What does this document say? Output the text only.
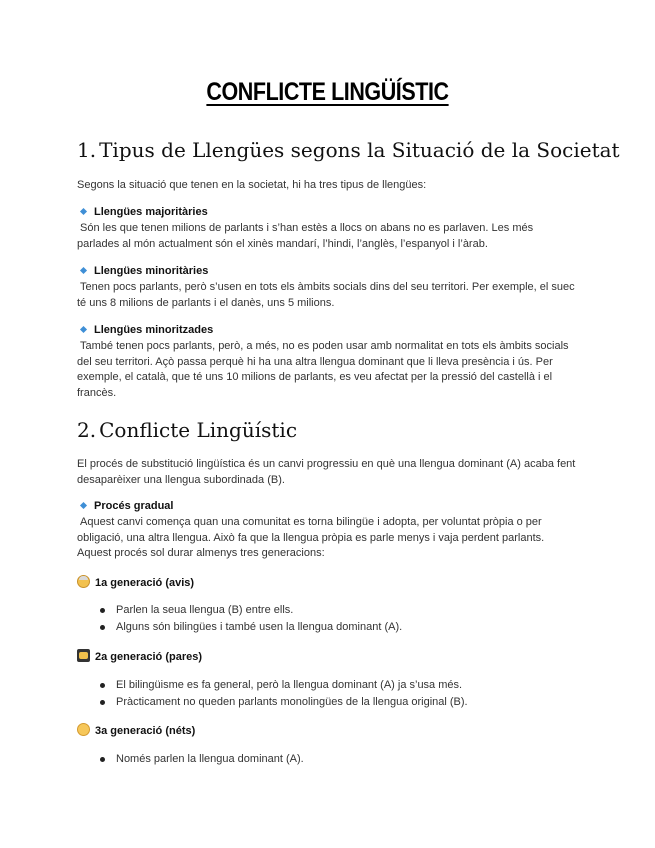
CONFLICTE LINGÜÍSTIC
1. Tipus de Llengües segons la Situació de la Societat
Segons la situació que tenen en la societat, hi ha tres tipus de llengües:
Llengües majoritàries
Són les que tenen milions de parlants i s’han estès a llocs on abans no es parlaven. Les més parlades al món actualment són el xinès mandarí, l’hindi, l’anglès, l’espanyol i l’àrab.
Llengües minoritàries
Tenen pocs parlants, però s’usen en tots els àmbits socials dins del seu territori. Per exemple, el suec té uns 8 milions de parlants i el danès, uns 5 milions.
Llengües minoritzades
També tenen pocs parlants, però, a més, no es poden usar amb normalitat en tots els àmbits socials del seu territori. Açò passa perquè hi ha una altra llengua dominant que li lleva presència i ús. Per exemple, el català, que té uns 10 milions de parlants, es veu afectat per la pressió del castellà i el francès.
2. Conflicte Lingüístic
El procés de substitució lingüística és un canvi progressiu en què una llengua dominant (A) acaba fent desaparèixer una llengua subordinada (B).
Procés gradual
Aquest canvi comença quan una comunitat es torna bilingüe i adopta, per voluntat pròpia o per obligació, una altra llengua. Això fa que la llengua pròpia es parle menys i vaja perdent parlants. Aquest procés sol durar almenys tres generacions:
1a generació (avis)
Parlen la seua llengua (B) entre ells.
Alguns són bilingües i també usen la llengua dominant (A).
2a generació (pares)
El bilingüisme es fa general, però la llengua dominant (A) ja s’usa més.
Pràcticament no queden parlants monolingües de la llengua original (B).
3a generació (néts)
Només parlen la llengua dominant (A).
